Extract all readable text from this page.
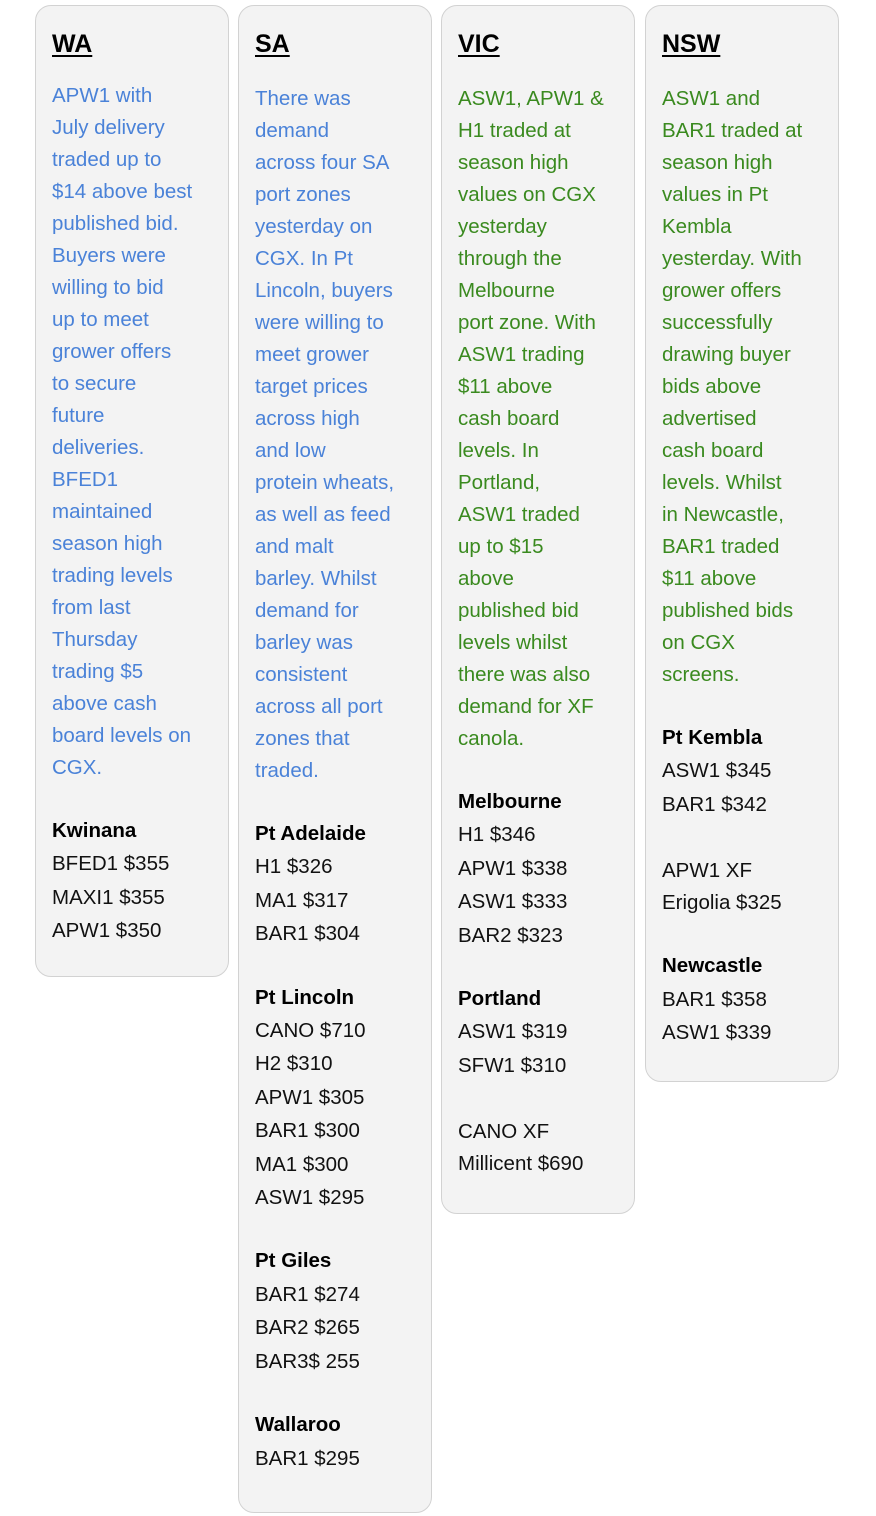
WA

APW1 with
July delivery
traded up to
$14 above best
published bid.
Buyers were
willing to bid
up to meet
grower offers
to secure
future
deliveries.
BFED1
maintained
season high
trading levels
from last
Thursday
trading $5
above cash
board levels on
CGX.

Kwinana
BFED1 $355
MAXI1 $355
APW1 $350
SA

There was
demand
across four SA
port zones
yesterday on
CGX. In Pt
Lincoln, buyers
were willing to
meet grower
target prices
across high
and low
protein wheats,
as well as feed
and malt
barley. Whilst
demand for
barley was
consistent
across all port
zones that
traded.

Pt Adelaide
H1 $326
MA1 $317
BAR1 $304
Pt Lincoln
CANO $710
H2 $310
APW1 $305
BAR1 $300
MA1 $300
ASW1 $295
Pt Giles
BAR1 $274
BAR2 $265
BAR3$ 255
Wallaroo
BAR1 $295
VIC

ASW1, APW1 &
H1 traded at
season high
values on CGX
yesterday
through the
Melbourne
port zone. With
ASW1 trading
$11 above
cash board
levels. In
Portland,
ASW1 traded
up to $15
above
published bid
levels whilst
there was also
demand for XF
canola.

Melbourne
H1 $346
APW1 $338
ASW1 $333
BAR2 $323
Portland
ASW1 $319
SFW1 $310

CANO XF
Millicent $690

NSW

ASW1 and
BAR1 traded at
season high
values in Pt
Kembla
yesterday. With
grower offers
successfully
drawing buyer
bids above
advertised
cash board
levels. Whilst
in Newcastle,
BAR1 traded
$11 above
published bids
on CGX
screens.

Pt Kembla
ASW1 $345
BAR1 $342

APW1 XF
Erigolia $325

Newcastle
BAR1 $358
ASW1 $339
